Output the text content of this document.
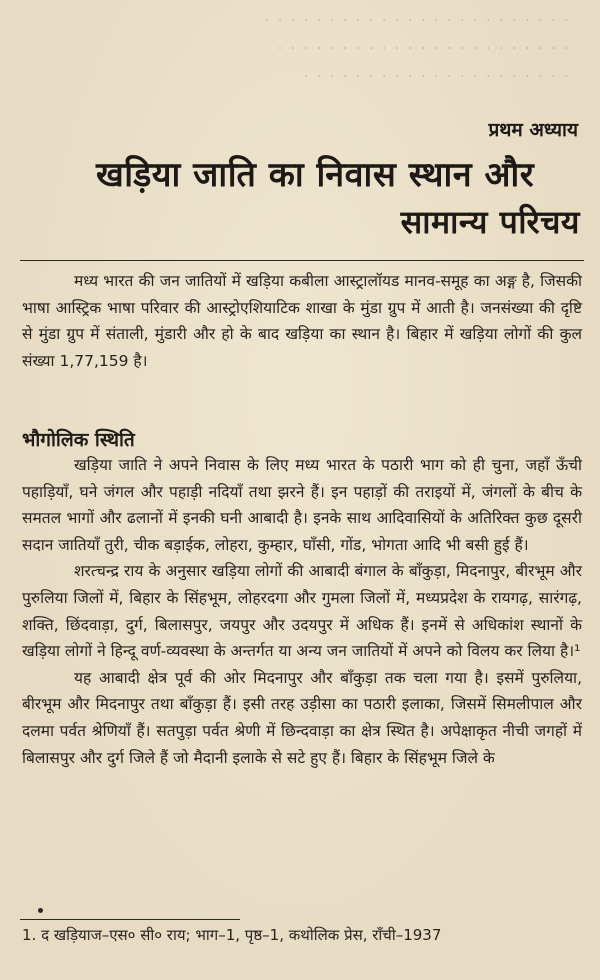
᛫ ᛫ ᛫ ᛫ ᛫ ᛫ ᛫ ᛫ ᛫ ᛫ ᛫ ᛫ ᛫ ᛫ ᛫ ᛫ ᛫ ᛫ ᛫ ᛫ ᛫ ᛫ ᛫ ᛫
᛫ ᛫ ᛫ ᛫ ᛫ ᛫ ᛫ ᛫ ᛫ ᛫ ᛫ ᛫ ᛫ ᛫ ᛫ ᛫ ᛫ ᛫ ᛫ ᛫ ᛫ ᛫ ᛫
᛫ ᛫ ᛫ ᛫ ᛫ ᛫ ᛫ ᛫ ᛫ ᛫ ᛫ ᛫ ᛫ ᛫ ᛫ ᛫ ᛫ ᛫ ᛫ ᛫ ᛫
प्रथम अध्याय
खड़िया जाति का निवास स्थान और
सामान्य परिचय

मध्य भारत की जन जातियों में खड़िया कबीला आस्ट्रालॉयड मानव-समूह का अङ्ग है, जिसकी भाषा आस्ट्रिक भाषा परिवार की आस्ट्रोएशियाटिक शाखा के मुंडा ग्रुप में आती है। जनसंख्या की दृष्टि से मुंडा ग्रुप में संताली, मुंडारी और हो के बाद खड़िया का स्थान है। बिहार में खड़िया लोगों की कुल संख्या 1,77,159 है।

भौगोलिक स्थिति

खड़िया जाति ने अपने निवास के लिए मध्य भारत के पठारी भाग को ही चुना, जहाँ ऊँची पहाड़ियाँ, घने जंगल और पहाड़ी नदियाँ तथा झरने हैं। इन पहाड़ों की तराइयों में, जंगलों के बीच के समतल भागों और ढलानों में इनकी घनी आबादी है। इनके साथ आदिवासियों के अतिरिक्त कुछ दूसरी सदान जातियाँ तुरी, चीक बड़ाईक, लोहरा, कुम्हार, घाँसी, गोंड, भोगता आदि भी बसी हुई हैं।

शरत्चन्द्र राय के अनुसार खड़िया लोगों की आबादी बंगाल के बाँकुड़ा, मिदनापुर, बीरभूम और पुरुलिया जिलों में, बिहार के सिंहभूम, लोहरदगा और गुमला जिलों में, मध्यप्रदेश के रायगढ़, सारंगढ़, शक्ति, छिंदवाड़ा, दुर्ग, बिलासपुर, जयपुर और उदयपुर में अधिक हैं। इनमें से अधिकांश स्थानों के खड़िया लोगों ने हिन्दू वर्ण-व्यवस्था के अन्तर्गत या अन्य जन जातियों में अपने को विलय कर लिया है।¹

यह आबादी क्षेत्र पूर्व की ओर मिदनापुर और बाँकुड़ा तक चला गया है। इसमें पुरुलिया, बीरभूम और मिदनापुर तथा बाँकुड़ा हैं। इसी तरह उड़ीसा का पठारी इलाका, जिसमें सिमलीपाल और दलमा पर्वत श्रेणियाँ हैं। सतपुड़ा पर्वत श्रेणी में छिन्दवाड़ा का क्षेत्र स्थित है। अपेक्षाकृत नीची जगहों में बिलासपुर और दुर्ग जिले हैं जो मैदानी इलाके से सटे हुए हैं। बिहार के सिंहभूम जिले के

1. द खड़ियाज–एस० सी० राय; भाग–1, पृष्ठ–1, कथोलिक प्रेस, राँची–1937
